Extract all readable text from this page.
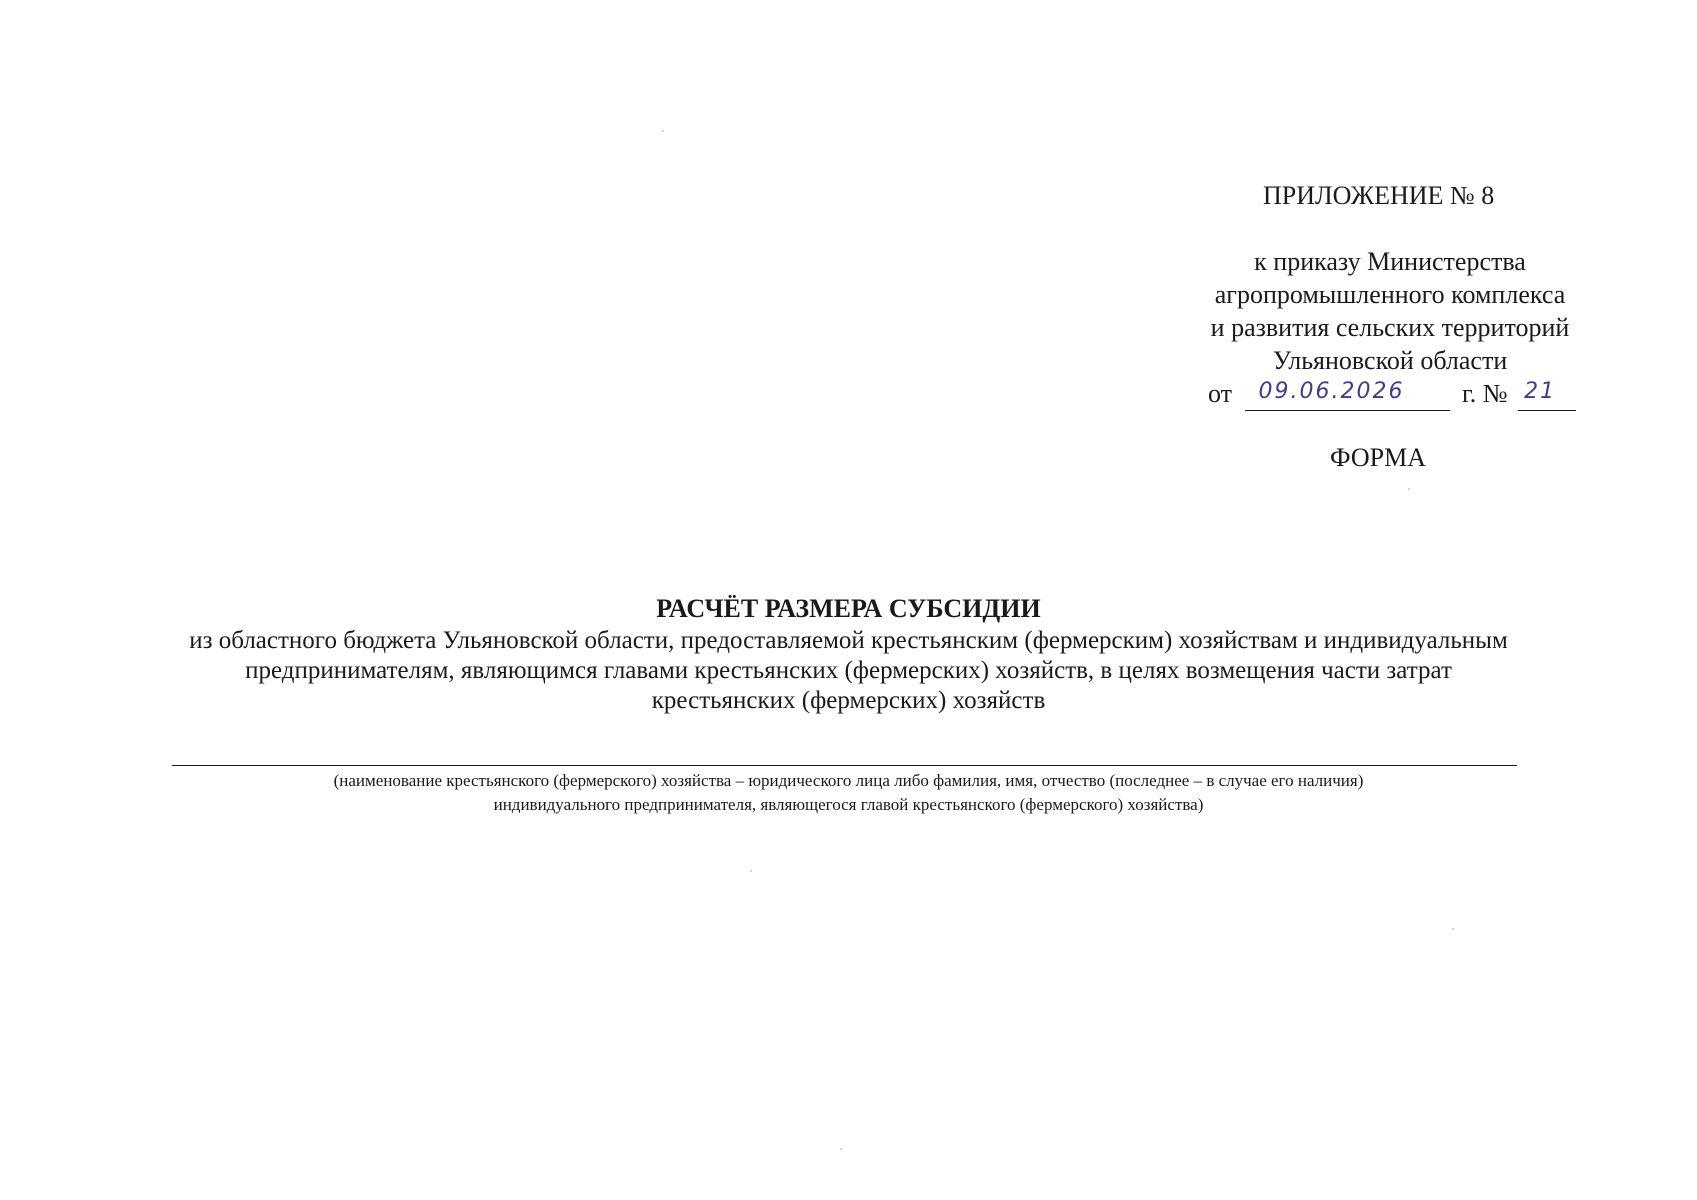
ПРИЛОЖЕНИЕ № 8
к приказу Министерства
агропромышленного комплекса
и развития сельских территорий
Ульяновской области
от 09.06.2026 г. № 21
ФОРМА
РАСЧЁТ РАЗМЕРА СУБСИДИИ
из областного бюджета Ульяновской области, предоставляемой крестьянским (фермерским) хозяйствам и индивидуальным
предпринимателям, являющимся главами крестьянских (фермерских) хозяйств, в целях возмещения части затрат
крестьянских (фермерских) хозяйств
(наименование крестьянского (фермерского) хозяйства – юридического лица либо фамилия, имя, отчество (последнее – в случае его наличия)
индивидуального предпринимателя, являющегося главой крестьянского (фермерского) хозяйства)
